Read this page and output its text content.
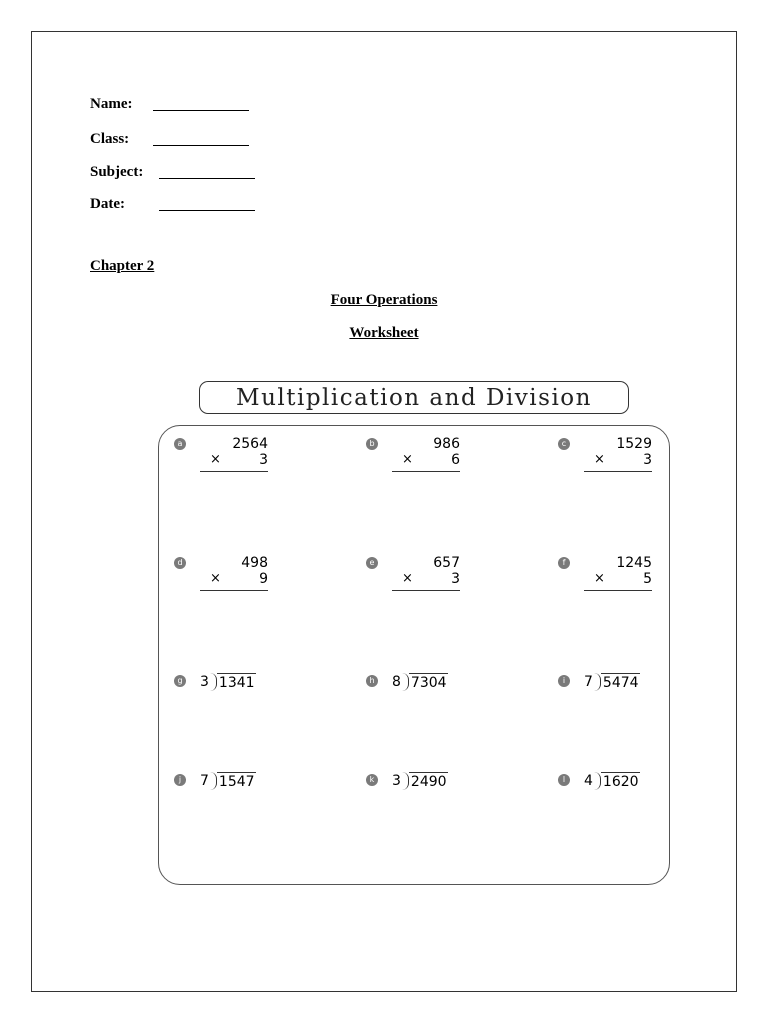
Name:
Class:
Subject:
Date:
Chapter 2
Four Operations
Worksheet
Multiplication and Division
a	2564
×	3
b	986
×	6
c	1529
×	3
d	498
×	9
e	657
×	3
f	1245
×	5
g 3 1341	h 8 7304	i	7 5474
j	7 1547	k 3 2490	l	4 1620
